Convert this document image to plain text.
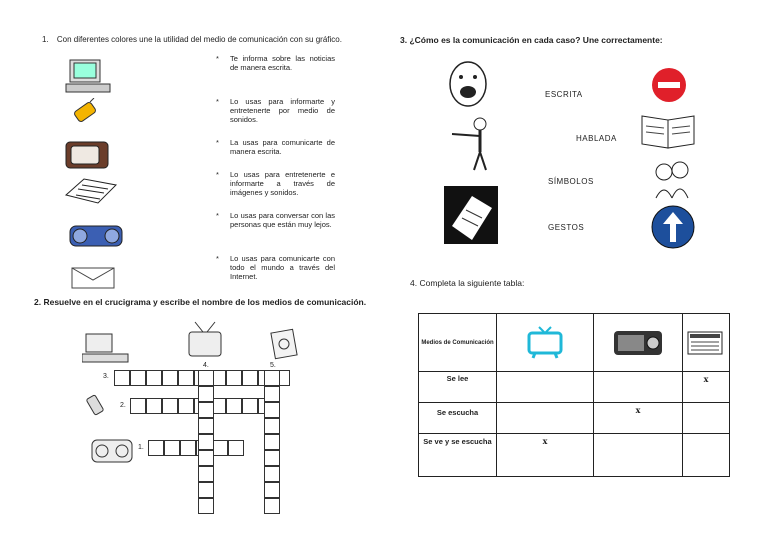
1. Con diferentes colores une la utilidad del medio de comunicación con su gráfico.
* Te informa sobre las noticias de manera escrita.
* Lo usas para informarte y entretenerte por medio de sonidos.
* La usas para comunicarte de manera escrita.
* Lo usas para entretenerte e informarte a través de imágenes y sonidos.
* Lo usas para conversar con las personas que están muy lejos.
* Lo usas para comunicarte con todo el mundo a través del Internet.
2. Resuelve en el crucigrama y escribe el nombre de los medios de comunicación.
3.
4.	5.
2.
1.
3. ¿Cómo es la comunicación en cada caso? Une correctamente:
ESCRITA
HABLADA
SÍMBOLOS
GESTOS
4. Completa la siguiente tabla:
Medios de Comunicación			
Se lee			x
Se escucha		x	
Se ve y se escucha	x		
